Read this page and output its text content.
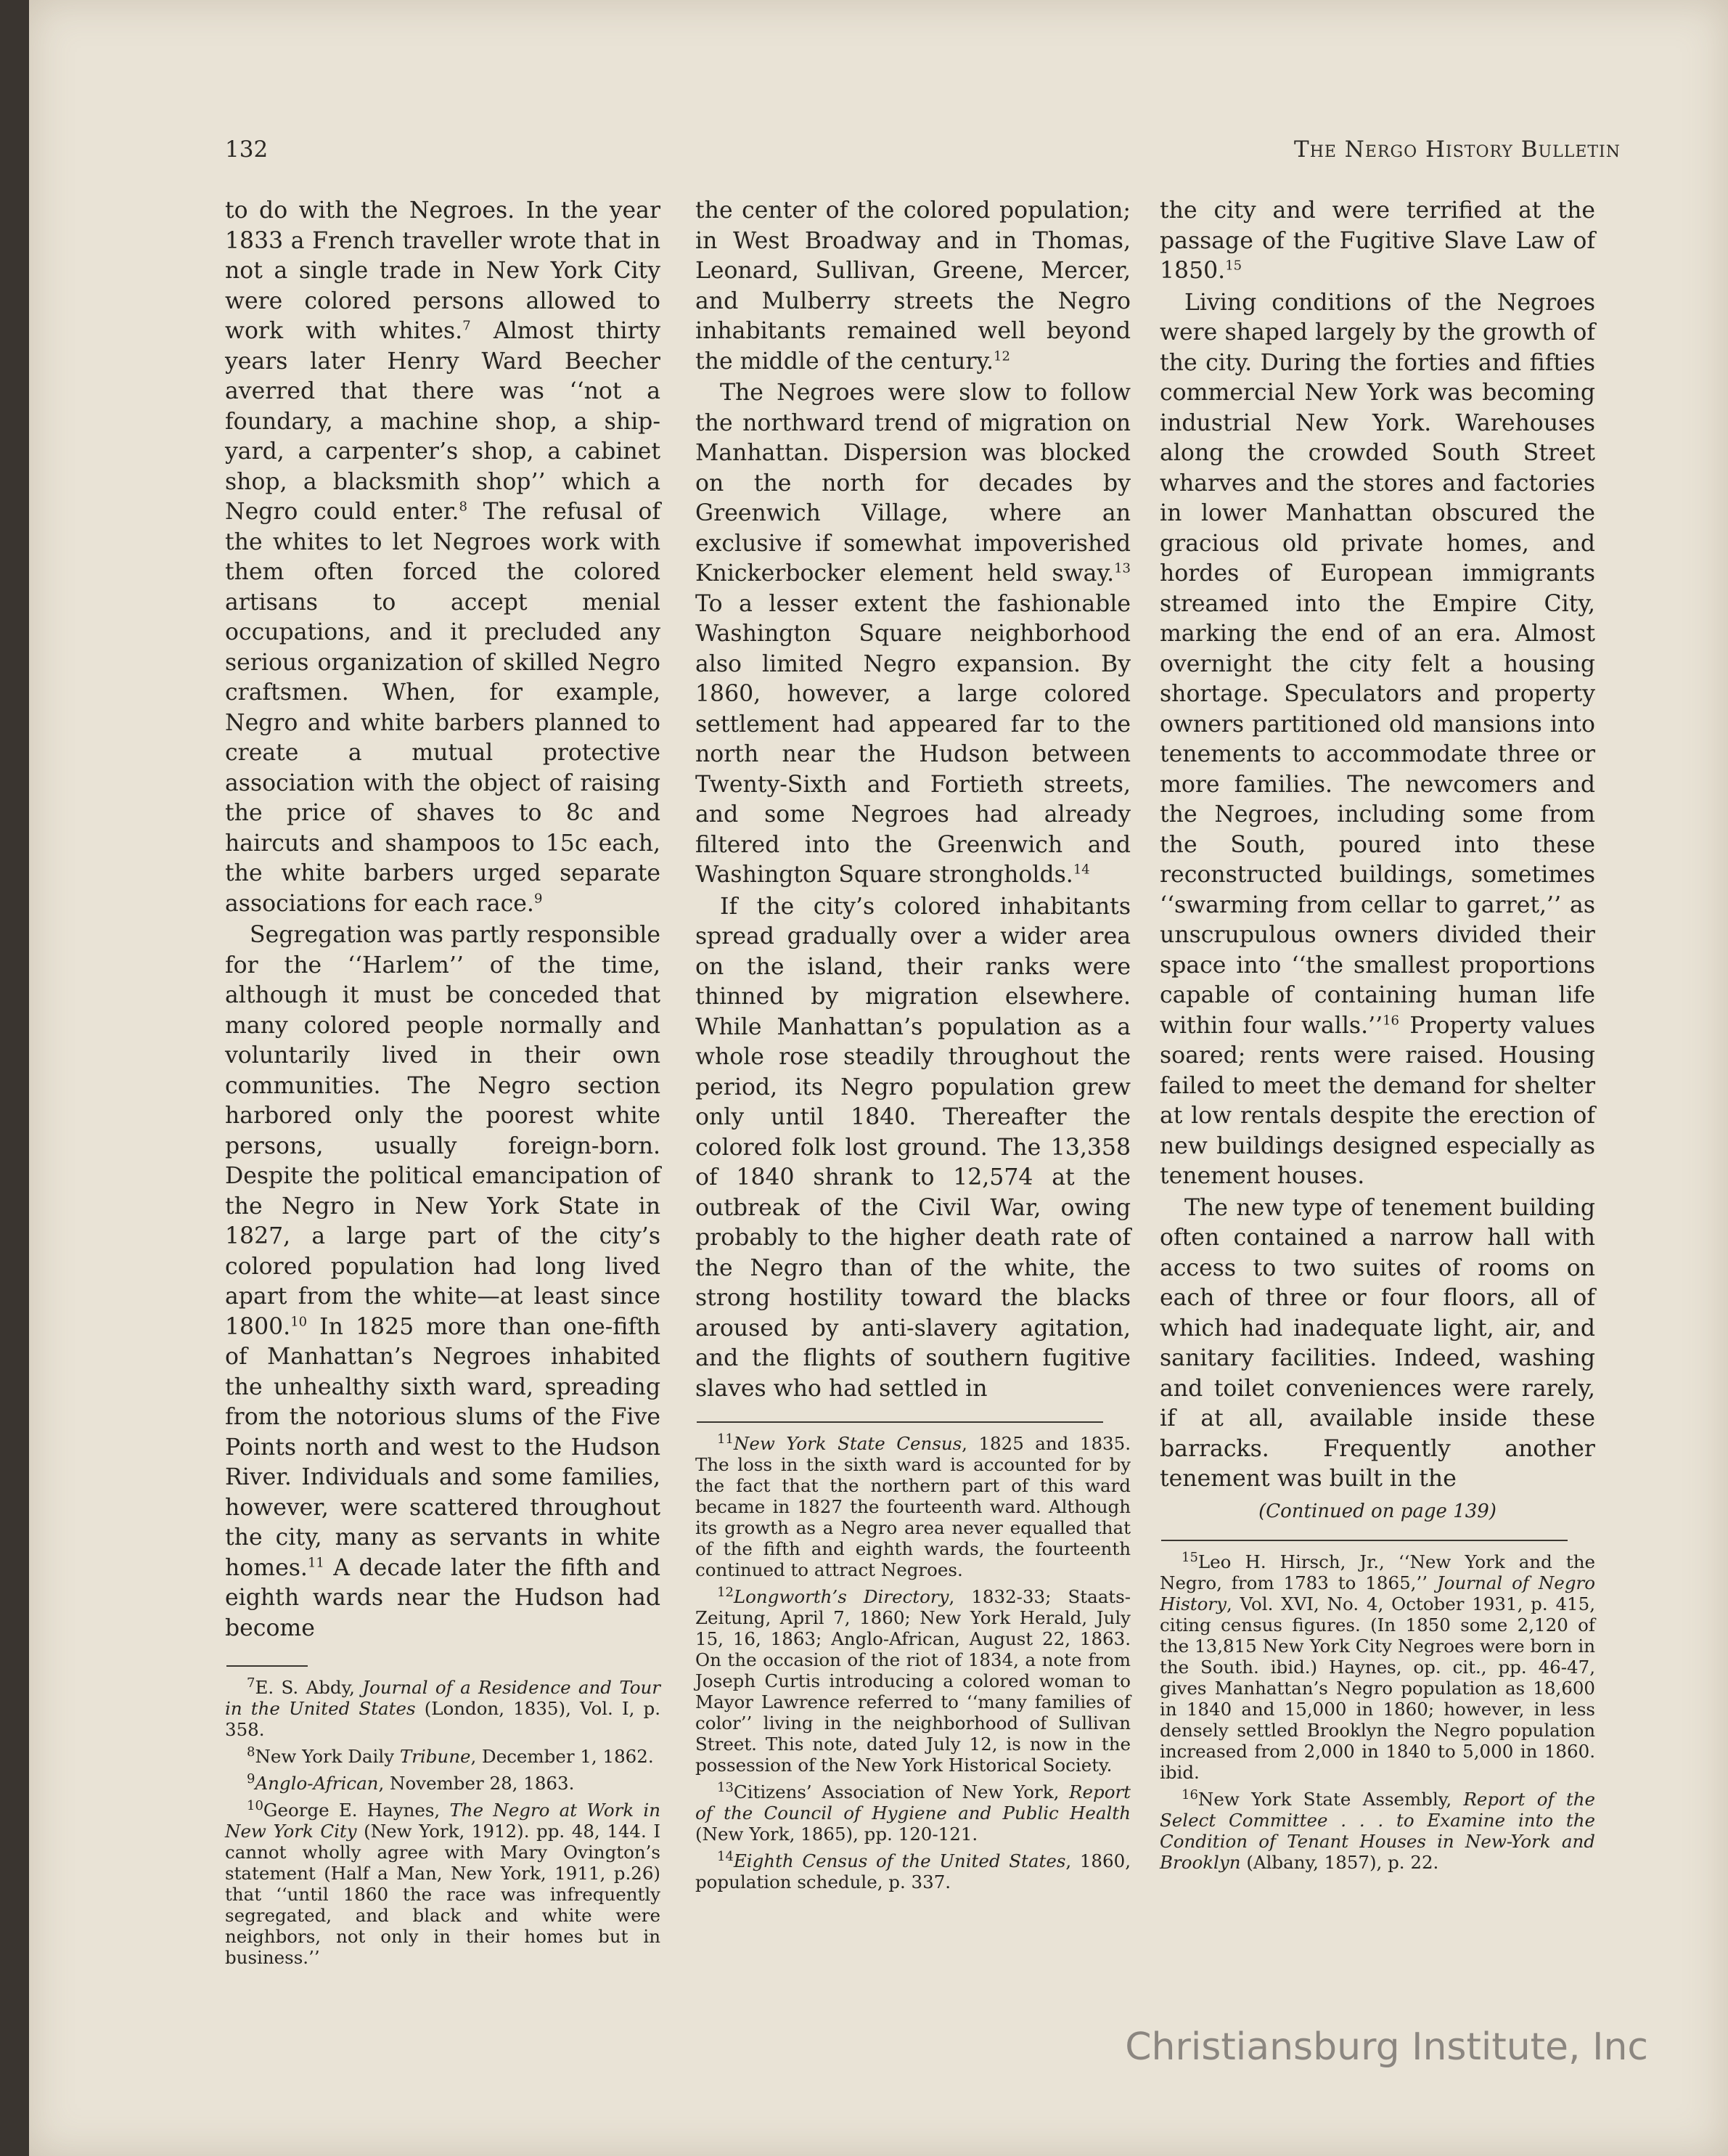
132	The Nergo History Bulletin

to do with the Negroes. In the year 1833 a French traveller wrote that in not a single trade in New York City were colored persons allowed to work with whites.$^7$ Almost thirty years later Henry Ward Beecher averred that there was ‘‘not a foundary, a machine shop, a ship-yard, a carpenter’s shop, a cabinet shop, a blacksmith shop’’ which a Negro could enter.$^8$ The refusal of the whites to let Negroes work with them often forced the colored artisans to accept menial occupations, and it precluded any serious organization of skilled Negro craftsmen. When, for example, Negro and white barbers planned to create a mutual protective association with the object of raising the price of shaves to 8c and haircuts and shampoos to 15c each, the white barbers urged separate associations for each race.$^9$

Segregation was partly responsible for the ‘‘Harlem’’ of the time, although it must be conceded that many colored people normally and voluntarily lived in their own communities. The Negro section harbored only the poorest white persons, usually foreign-born. Despite the political emancipation of the Negro in New York State in 1827, a large part of the city’s colored population had long lived apart from the white—at least since 1800.10 In 1825 more than one-fifth of Manhattan’s Negroes inhabited the unhealthy sixth ward, spreading from the notorious slums of the Five Points north and west to the Hudson River. Individuals and some families, however, were scattered throughout the city, many as servants in white homes.$^{11}$ A decade later the fifth and eighth wards near the Hudson had become

$^7$E. S. Abdy, Journal of a Residence and Tour in the United States (London, 1835), Vol. I, p. 358.

$^8$New York Daily Tribune, December 1, 1862.

$^9$Anglo-African, November 28, 1863.

$^{10}$George E. Haynes, The Negro at Work in New York City (New York, 1912). pp. 48, 144. I cannot wholly agree with Mary Ovington’s statement (Half a Man, New York, 1911, p.26) that ‘‘until 1860 the race was infrequently segregated, and black and white were neighbors, not only in their homes but in business.’’

the center of the colored population; in West Broadway and in Thomas, Leonard, Sullivan, Greene, Mercer, and Mulberry streets the Negro inhabitants remained well beyond the middle of the century.$^{12}$

The Negroes were slow to follow the northward trend of migration on Manhattan. Dispersion was blocked on the north for decades by Greenwich Village, where an exclusive if somewhat impoverished Knickerbocker element held sway.$^{13}$ To a lesser extent the fashionable Washington Square neighborhood also limited Negro expansion. By 1860, however, a large colored settlement had appeared far to the north near the Hudson between Twenty-Sixth and Fortieth streets, and some Negroes had already filtered into the Greenwich and Washington Square strongholds.$^{14}$

If the city’s colored inhabitants spread gradually over a wider area on the island, their ranks were thinned by migration elsewhere. While Manhattan’s population as a whole rose steadily throughout the period, its Negro population grew only until 1840. Thereafter the colored folk lost ground. The 13,358 of 1840 shrank to 12,574 at the outbreak of the Civil War, owing probably to the higher death rate of the Negro than of the white, the strong hostility toward the blacks aroused by anti-slavery agitation, and the flights of southern fugitive slaves who had settled in

$^{11}$New York State Census, 1825 and 1835. The loss in the sixth ward is accounted for by the fact that the northern part of this ward became in 1827 the fourteenth ward. Although its growth as a Negro area never equalled that of the fifth and eighth wards, the fourteenth continued to attract Negroes.

$^{12}$Longworth’s Directory, 1832-33; Staats-Zeitung, April 7, 1860; New York Herald, July 15, 16, 1863; Anglo-African, August 22, 1863. On the occasion of the riot of 1834, a note from Joseph Curtis introducing a colored woman to Mayor Lawrence referred to ‘‘many families of color’’ living in the neighborhood of Sullivan Street. This note, dated July 12, is now in the possession of the New York Historical Society.

$^{13}$Citizens’ Association of New York, Report of the Council of Hygiene and Public Health (New York, 1865), pp. 120-121.

$^{14}$Eighth Census of the United States, 1860, population schedule, p. 337.

the city and were terrified at the passage of the Fugitive Slave Law of 1850.15

Living conditions of the Negroes were shaped largely by the growth of the city. During the forties and fifties commercial New York was becoming industrial New York. Warehouses along the crowded South Street wharves and the stores and factories in lower Manhattan obscured the gracious old private homes, and hordes of European immigrants streamed into the Empire City, marking the end of an era. Almost overnight the city felt a housing shortage. Speculators and property owners partitioned old mansions into tenements to accommodate three or more families. The newcomers and the Negroes, including some from the South, poured into these reconstructed buildings, sometimes ‘‘swarming from cellar to garret,’’ as unscrupulous owners divided their space into ‘‘the smallest proportions capable of containing human life within four walls.’’$^{16}$ Property values soared; rents were raised. Housing failed to meet the demand for shelter at low rentals despite the erection of new buildings designed especially as tenement houses.

The new type of tenement building often contained a narrow hall with access to two suites of rooms on each of three or four floors, all of which had inadequate light, air, and sanitary facilities. Indeed, washing and toilet conveniences were rarely, if at all, available inside these barracks. Frequently another tenement was built in the

(Continued on page 139)

$^{15}$Leo H. Hirsch, Jr., ‘‘New York and the Negro, from 1783 to 1865,’’ Journal of Negro History, Vol. XVI, No. 4, October 1931, p. 415, citing census figures. (In 1850 some 2,120 of the 13,815 New York City Negroes were born in the South. ibid.) Haynes, op. cit., pp. 46-47, gives Manhattan’s Negro population as 18,600 in 1840 and 15,000 in 1860; however, in less densely settled Brooklyn the Negro population increased from 2,000 in 1840 to 5,000 in 1860. ibid.

$^{16}$New York State Assembly, Report of the Select Committee . . . to Examine into the Condition of Tenant Houses in New-York and Brooklyn (Albany, 1857), p. 22.

Christiansburg Institute, Inc
